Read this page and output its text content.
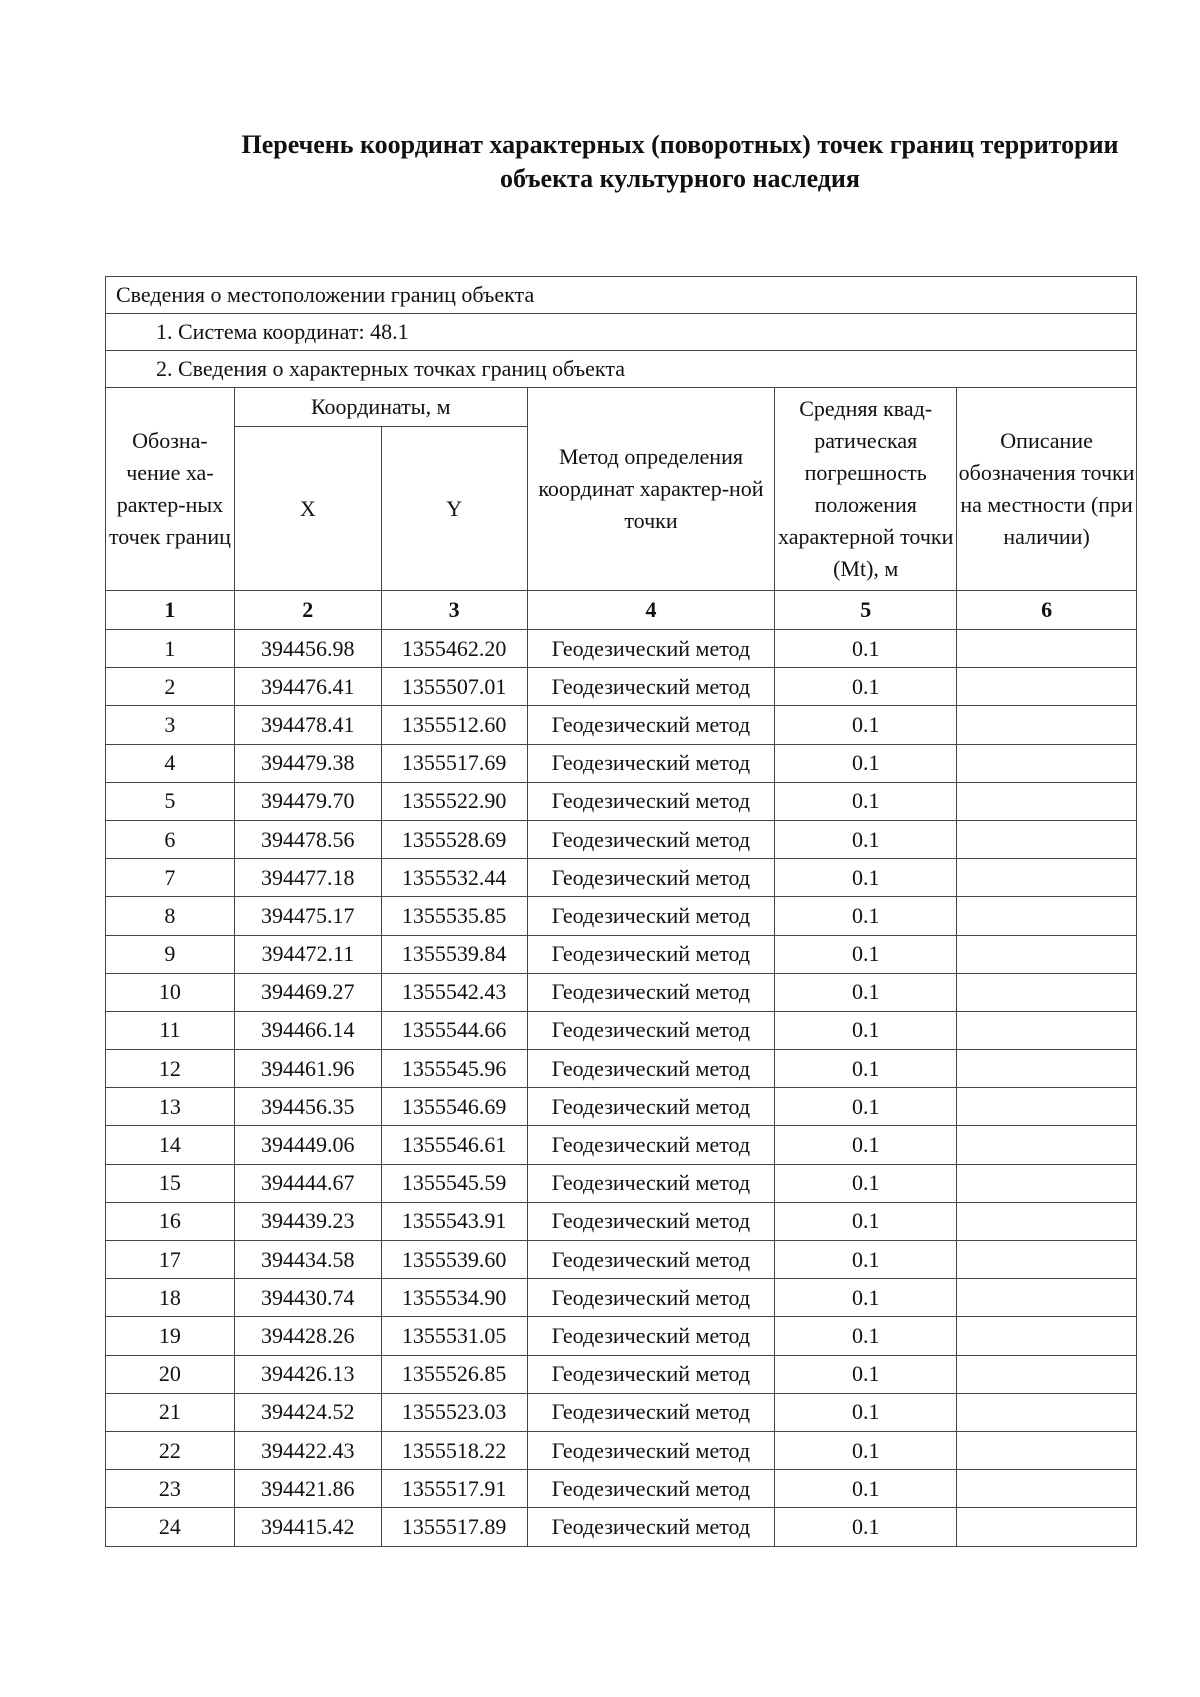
Перечень координат характерных (поворотных) точек границ территории
объекта культурного наследия
Сведения о местоположении границ объекта					
1. Система координат: 48.1					
2. Сведения о характерных точках границ объекта					
Обозна-чение ха-рактер-ных точек границ	Координаты, м		Метод определения координат характер-ной точки	Средняя квад-ратическая погрешность положения характерной точки (Mt), м	Описание обозначения точки на местности (при наличии)
	X	Y			
1	2	3	4	5	6
1	394456.98	1355462.20	Геодезический метод	0.1	
2	394476.41	1355507.01	Геодезический метод	0.1	
3	394478.41	1355512.60	Геодезический метод	0.1	
4	394479.38	1355517.69	Геодезический метод	0.1	
5	394479.70	1355522.90	Геодезический метод	0.1	
6	394478.56	1355528.69	Геодезический метод	0.1	
7	394477.18	1355532.44	Геодезический метод	0.1	
8	394475.17	1355535.85	Геодезический метод	0.1	
9	394472.11	1355539.84	Геодезический метод	0.1	
10	394469.27	1355542.43	Геодезический метод	0.1	
11	394466.14	1355544.66	Геодезический метод	0.1	
12	394461.96	1355545.96	Геодезический метод	0.1	
13	394456.35	1355546.69	Геодезический метод	0.1	
14	394449.06	1355546.61	Геодезический метод	0.1	
15	394444.67	1355545.59	Геодезический метод	0.1	
16	394439.23	1355543.91	Геодезический метод	0.1	
17	394434.58	1355539.60	Геодезический метод	0.1	
18	394430.74	1355534.90	Геодезический метод	0.1	
19	394428.26	1355531.05	Геодезический метод	0.1	
20	394426.13	1355526.85	Геодезический метод	0.1	
21	394424.52	1355523.03	Геодезический метод	0.1	
22	394422.43	1355518.22	Геодезический метод	0.1	
23	394421.86	1355517.91	Геодезический метод	0.1	
24	394415.42	1355517.89	Геодезический метод	0.1	
